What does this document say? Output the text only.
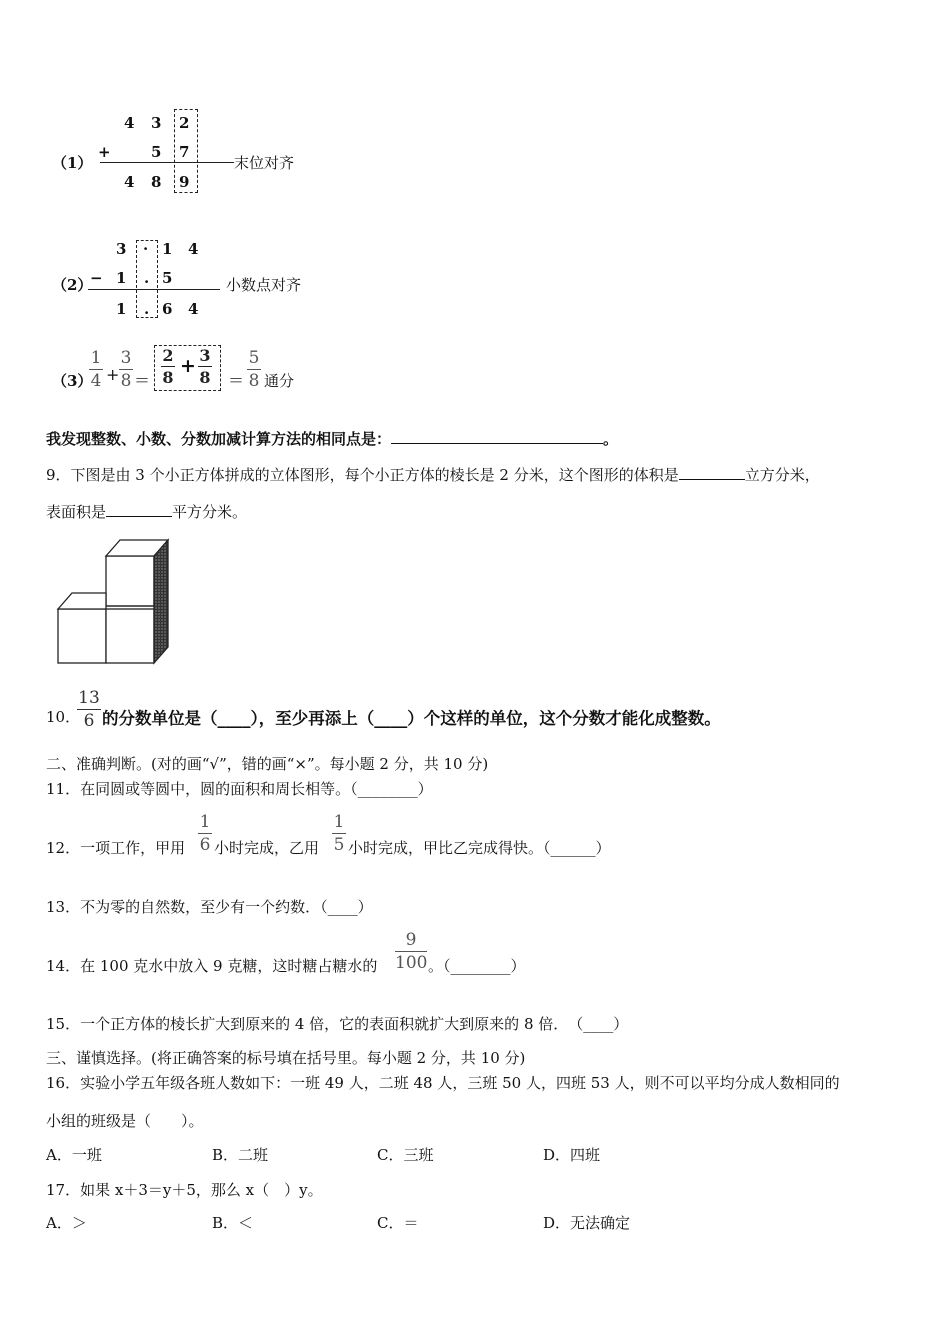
（1）
4 3 2
+	5 7
4 8 9
末位对齐
（2）
3 · 1 4
− 1 . 5
1 . 6 4
小数点对齐
（3）
1
4 +
3
8 ＝
2
8
+ 3
8 ＝
5
8 通分
我发现整数、小数、分数加减计算方法的相同点是：	。
9．下图是由 3 个小正方体拼成的立体图形，每个小正方体的棱长是 2 分米，这个图形的体积是	立方分米，
表面积是	平方分米。
10．
13
6 的分数单位是（____），至少再添上（____）个这样的单位，这个分数才能化成整数。
二、准确判断。(对的画“√”，错的画“×”。每小题 2 分，共 10 分)
11．在同圆或等圆中，圆的面积和周长相等。（________）
12．一项工作，甲用
1
6 小时完成，乙用
1
5 小时完成，甲比乙完成得快。（______）
13．不为零的自然数，至少有一个约数．（____）
14．在 100 克水中放入 9 克糖，这时糖占糖水的
9
100 。（________）
15．一个正方体的棱长扩大到原来的 4 倍，它的表面积就扩大到原来的 8 倍．　（____）
三、谨慎选择。(将正确答案的标号填在括号里。每小题 2 分，共 10 分)
16．实验小学五年级各班人数如下：一班 49 人，二班 48 人，三班 50 人，四班 53 人，则不可以平均分成人数相同的
小组的班级是（　　）。
A．一班	B．二班	C．三班	D．四班
17．如果 x＋3＝y＋5，那么 x（　）y。
A．＞	B．＜	C．＝	D．无法确定
